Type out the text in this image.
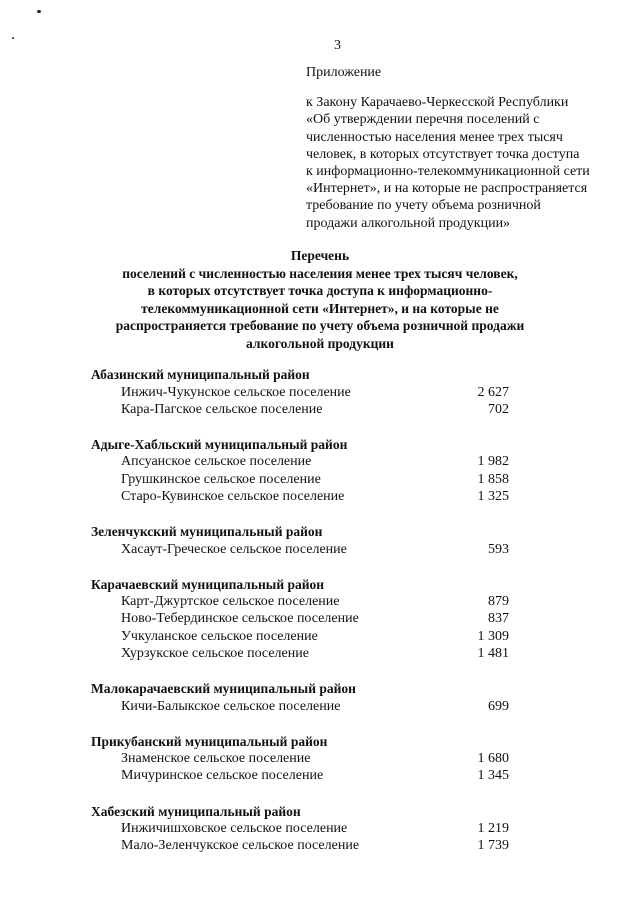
3
Приложение
к Закону Карачаево-Черкесской Республики
«Об утверждении перечня поселений с
численностью населения менее трех тысяч
человек, в которых отсутствует точка доступа
к информационно-телекоммуникационной сети
«Интернет», и на которые не распространяется
требование по учету объема розничной
продажи алкогольной продукции»
Перечень
поселений с численностью населения менее трех тысяч человек,
в которых отсутствует точка доступа к информационно-
телекоммуникационной сети «Интернет», и на которые не
распространяется требование по учету объема розничной продажи
алкогольной продукции
Абазинский муниципальный район
Инжич-Чукунское сельское поселение	2 627
Кара-Пагское сельское поселение	702
Адыге-Хабльский муниципальный район
Апсуанское сельское поселение	1 982
Грушкинское сельское поселение	1 858
Старо-Кувинское сельское поселение	1 325
Зеленчукский муниципальный район
Хасаут-Греческое сельское поселение	593
Карачаевский муниципальный район
Карт-Джуртское сельское поселение	879
Ново-Тебердинское сельское поселение	837
Учкуланское сельское поселение	1 309
Хурзукское сельское поселение	1 481
Малокарачаевский муниципальный район
Кичи-Балыкское сельское поселение	699
Прикубанский муниципальный район
Знаменское сельское поселение	1 680
Мичуринское сельское поселение	1 345
Хабезский муниципальный район
Инжичишховское сельское поселение	1 219
Мало-Зеленчукское сельское поселение	1 739
